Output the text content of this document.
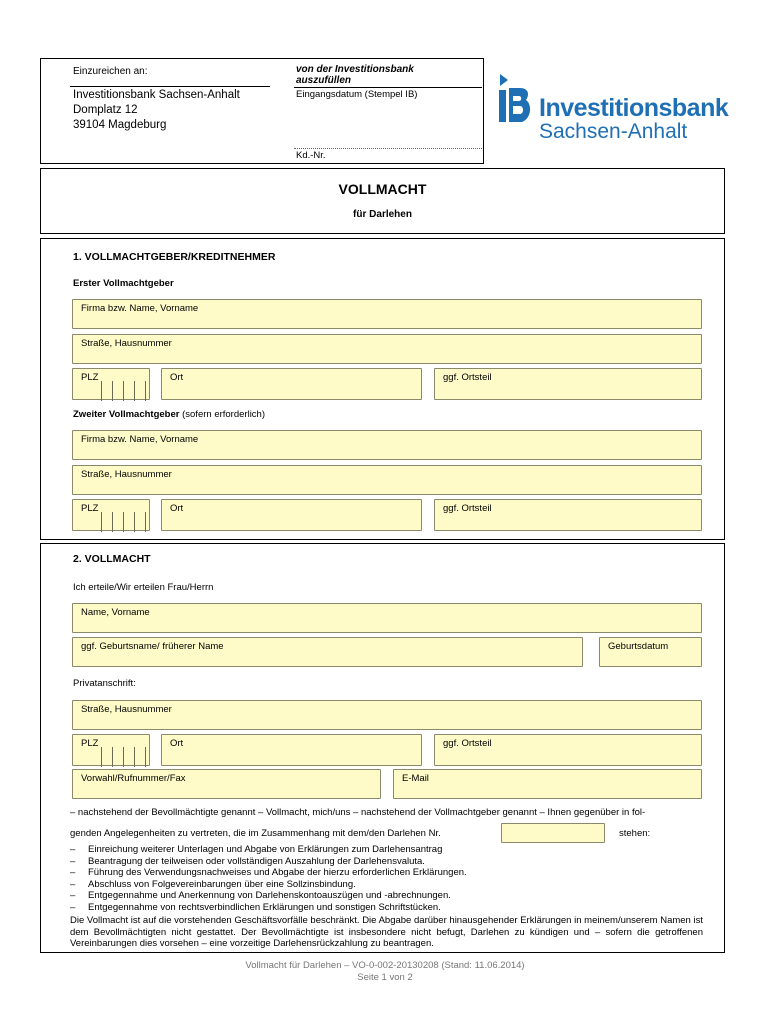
Einzureichen an:
Investitionsbank Sachsen-Anhalt
Domplatz 12
39104 Magdeburg
von der Investitionsbank
auszufüllen
Eingangsdatum (Stempel IB)
Kd.-Nr.
Investitionsbank
Sachsen-Anhalt
VOLLMACHT
für Darlehen
1. VOLLMACHTGEBER/KREDITNEHMER
Erster Vollmachtgeber
Firma bzw. Name, Vorname
Straße, Hausnummer
PLZ	Ort	ggf. Ortsteil
Zweiter Vollmachtgeber (sofern erforderlich)
Firma bzw. Name, Vorname
Straße, Hausnummer
PLZ	Ort	ggf. Ortsteil
2. VOLLMACHT
Ich erteile/Wir erteilen Frau/Herrn
Name, Vorname
ggf. Geburtsname/ früherer Name	Geburtsdatum
Privatanschrift:
Straße, Hausnummer
PLZ	Ort	ggf. Ortsteil
Vorwahl/Rufnummer/Fax	E-Mail
– nachstehend der Bevollmächtigte genannt – Vollmacht, mich/uns – nachstehend der Vollmachtgeber genannt – Ihnen gegenüber in fol-
genden Angelegenheiten zu vertreten, die im Zusammenhang mit dem/den Darlehen Nr.	stehen:
– Einreichung weiterer Unterlagen und Abgabe von Erklärungen zum Darlehensantrag
– Beantragung der teilweisen oder vollständigen Auszahlung der Darlehensvaluta.
– Führung des Verwendungsnachweises und Abgabe der hierzu erforderlichen Erklärungen.
– Abschluss von Folgevereinbarungen über eine Sollzinsbindung.
– Entgegennahme und Anerkennung von Darlehenskontoauszügen und -abrechnungen.
– Entgegennahme von rechtsverbindlichen Erklärungen und sonstigen Schriftstücken.
Die Vollmacht ist auf die vorstehenden Geschäftsvorfälle beschränkt. Die Abgabe darüber hinausgehender Erklärungen in meinem/unserem Namen ist dem Bevollmächtigten nicht gestattet. Der Bevollmächtigte ist insbesondere nicht befugt, Darlehen zu kündigen und – sofern die getroffenen Vereinbarungen dies vorsehen – eine vorzeitige Darlehensrückzahlung zu beantragen.
Vollmacht für Darlehen – VO-0-002-20130208 (Stand: 11.06.2014)
Seite 1 von 2
